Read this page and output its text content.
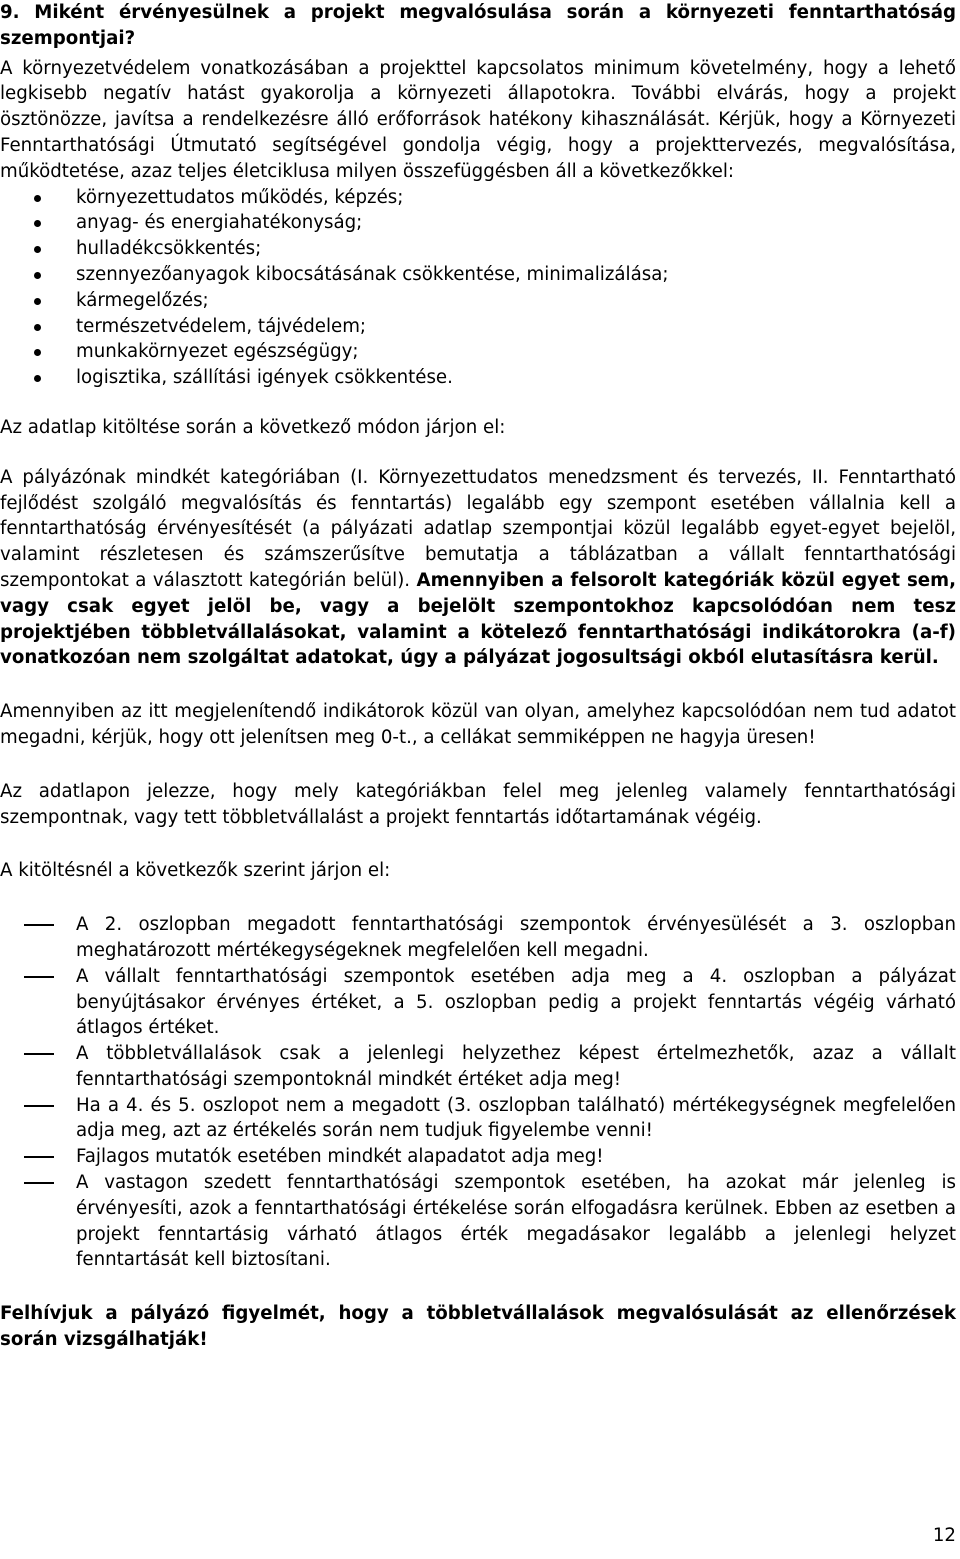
9. Miként érvényesülnek a projekt megvalósulása során a környezeti fenntarthatóság szempontjai?

A környezetvédelem vonatkozásában a projekttel kapcsolatos minimum követelmény, hogy a lehető legkisebb negatív hatást gyakorolja a környezeti állapotokra. További elvárás, hogy a projekt ösztönözze, javítsa a rendelkezésre álló erőforrások hatékony kihasználását. Kérjük, hogy a Környezeti Fenntarthatósági Útmutató segítségével gondolja végig, hogy a projekttervezés, megvalósítása, működtetése, azaz teljes életciklusa milyen összefüggésben áll a következőkkel:

környezettudatos működés, képzés;
anyag- és energiahatékonyság;
hulladékcsökkentés;
szennyezőanyagok kibocsátásának csökkentése, minimalizálása;
kármegelőzés;
természetvédelem, tájvédelem;
munkakörnyezet egészségügy;
logisztika, szállítási igények csökkentése.

Az adatlap kitöltése során a következő módon járjon el:

A pályázónak mindkét kategóriában (I. Környezettudatos menedzsment és tervezés, II. Fenntartható fejlődést szolgáló megvalósítás és fenntartás) legalább egy szempont esetében vállalnia kell a fenntarthatóság érvényesítését (a pályázati adatlap szempontjai közül legalább egyet-egyet bejelöl, valamint részletesen és számszerűsítve bemutatja a táblázatban a vállalt fenntarthatósági szempontokat a választott kategórián belül). Amennyiben a felsorolt kategóriák közül egyet sem, vagy csak egyet jelöl be, vagy a bejelölt szempontokhoz kapcsolódóan nem tesz projektjében többletvállalásokat, valamint a kötelező fenntarthatósági indikátorokra (a-f) vonatkozóan nem szolgáltat adatokat, úgy a pályázat jogosultsági okból elutasításra kerül.

Amennyiben az itt megjelenítendő indikátorok közül van olyan, amelyhez kapcsolódóan nem tud adatot megadni, kérjük, hogy ott jelenítsen meg 0-t., a cellákat semmiképpen ne hagyja üresen!

Az adatlapon jelezze, hogy mely kategóriákban felel meg jelenleg valamely fenntarthatósági szempontnak, vagy tett többletvállalást a projekt fenntartás időtartamának végéig.

A kitöltésnél a következők szerint járjon el:

A 2. oszlopban megadott fenntarthatósági szempontok érvényesülését a 3. oszlopban meghatározott mértékegységeknek megfelelően kell megadni.
A vállalt fenntarthatósági szempontok esetében adja meg a 4. oszlopban a pályázat benyújtásakor érvényes értéket, a 5. oszlopban pedig a projekt fenntartás végéig várható átlagos értéket.
A többletvállalások csak a jelenlegi helyzethez képest értelmezhetők, azaz a vállalt fenntarthatósági szempontoknál mindkét értéket adja meg!
Ha a 4. és 5. oszlopot nem a megadott (3. oszlopban található) mértékegységnek megfelelően adja meg, azt az értékelés során nem tudjuk figyelembe venni!
Fajlagos mutatók esetében mindkét alapadatot adja meg!
A vastagon szedett fenntarthatósági szempontok esetében, ha azokat már jelenleg is érvényesíti, azok a fenntarthatósági értékelése során elfogadásra kerülnek. Ebben az esetben a projekt fenntartásig várható átlagos érték megadásakor legalább a jelenlegi helyzet fenntartását kell biztosítani.

Felhívjuk a pályázó figyelmét, hogy a többletvállalások megvalósulását az ellenőrzések során vizsgálhatják!

12
